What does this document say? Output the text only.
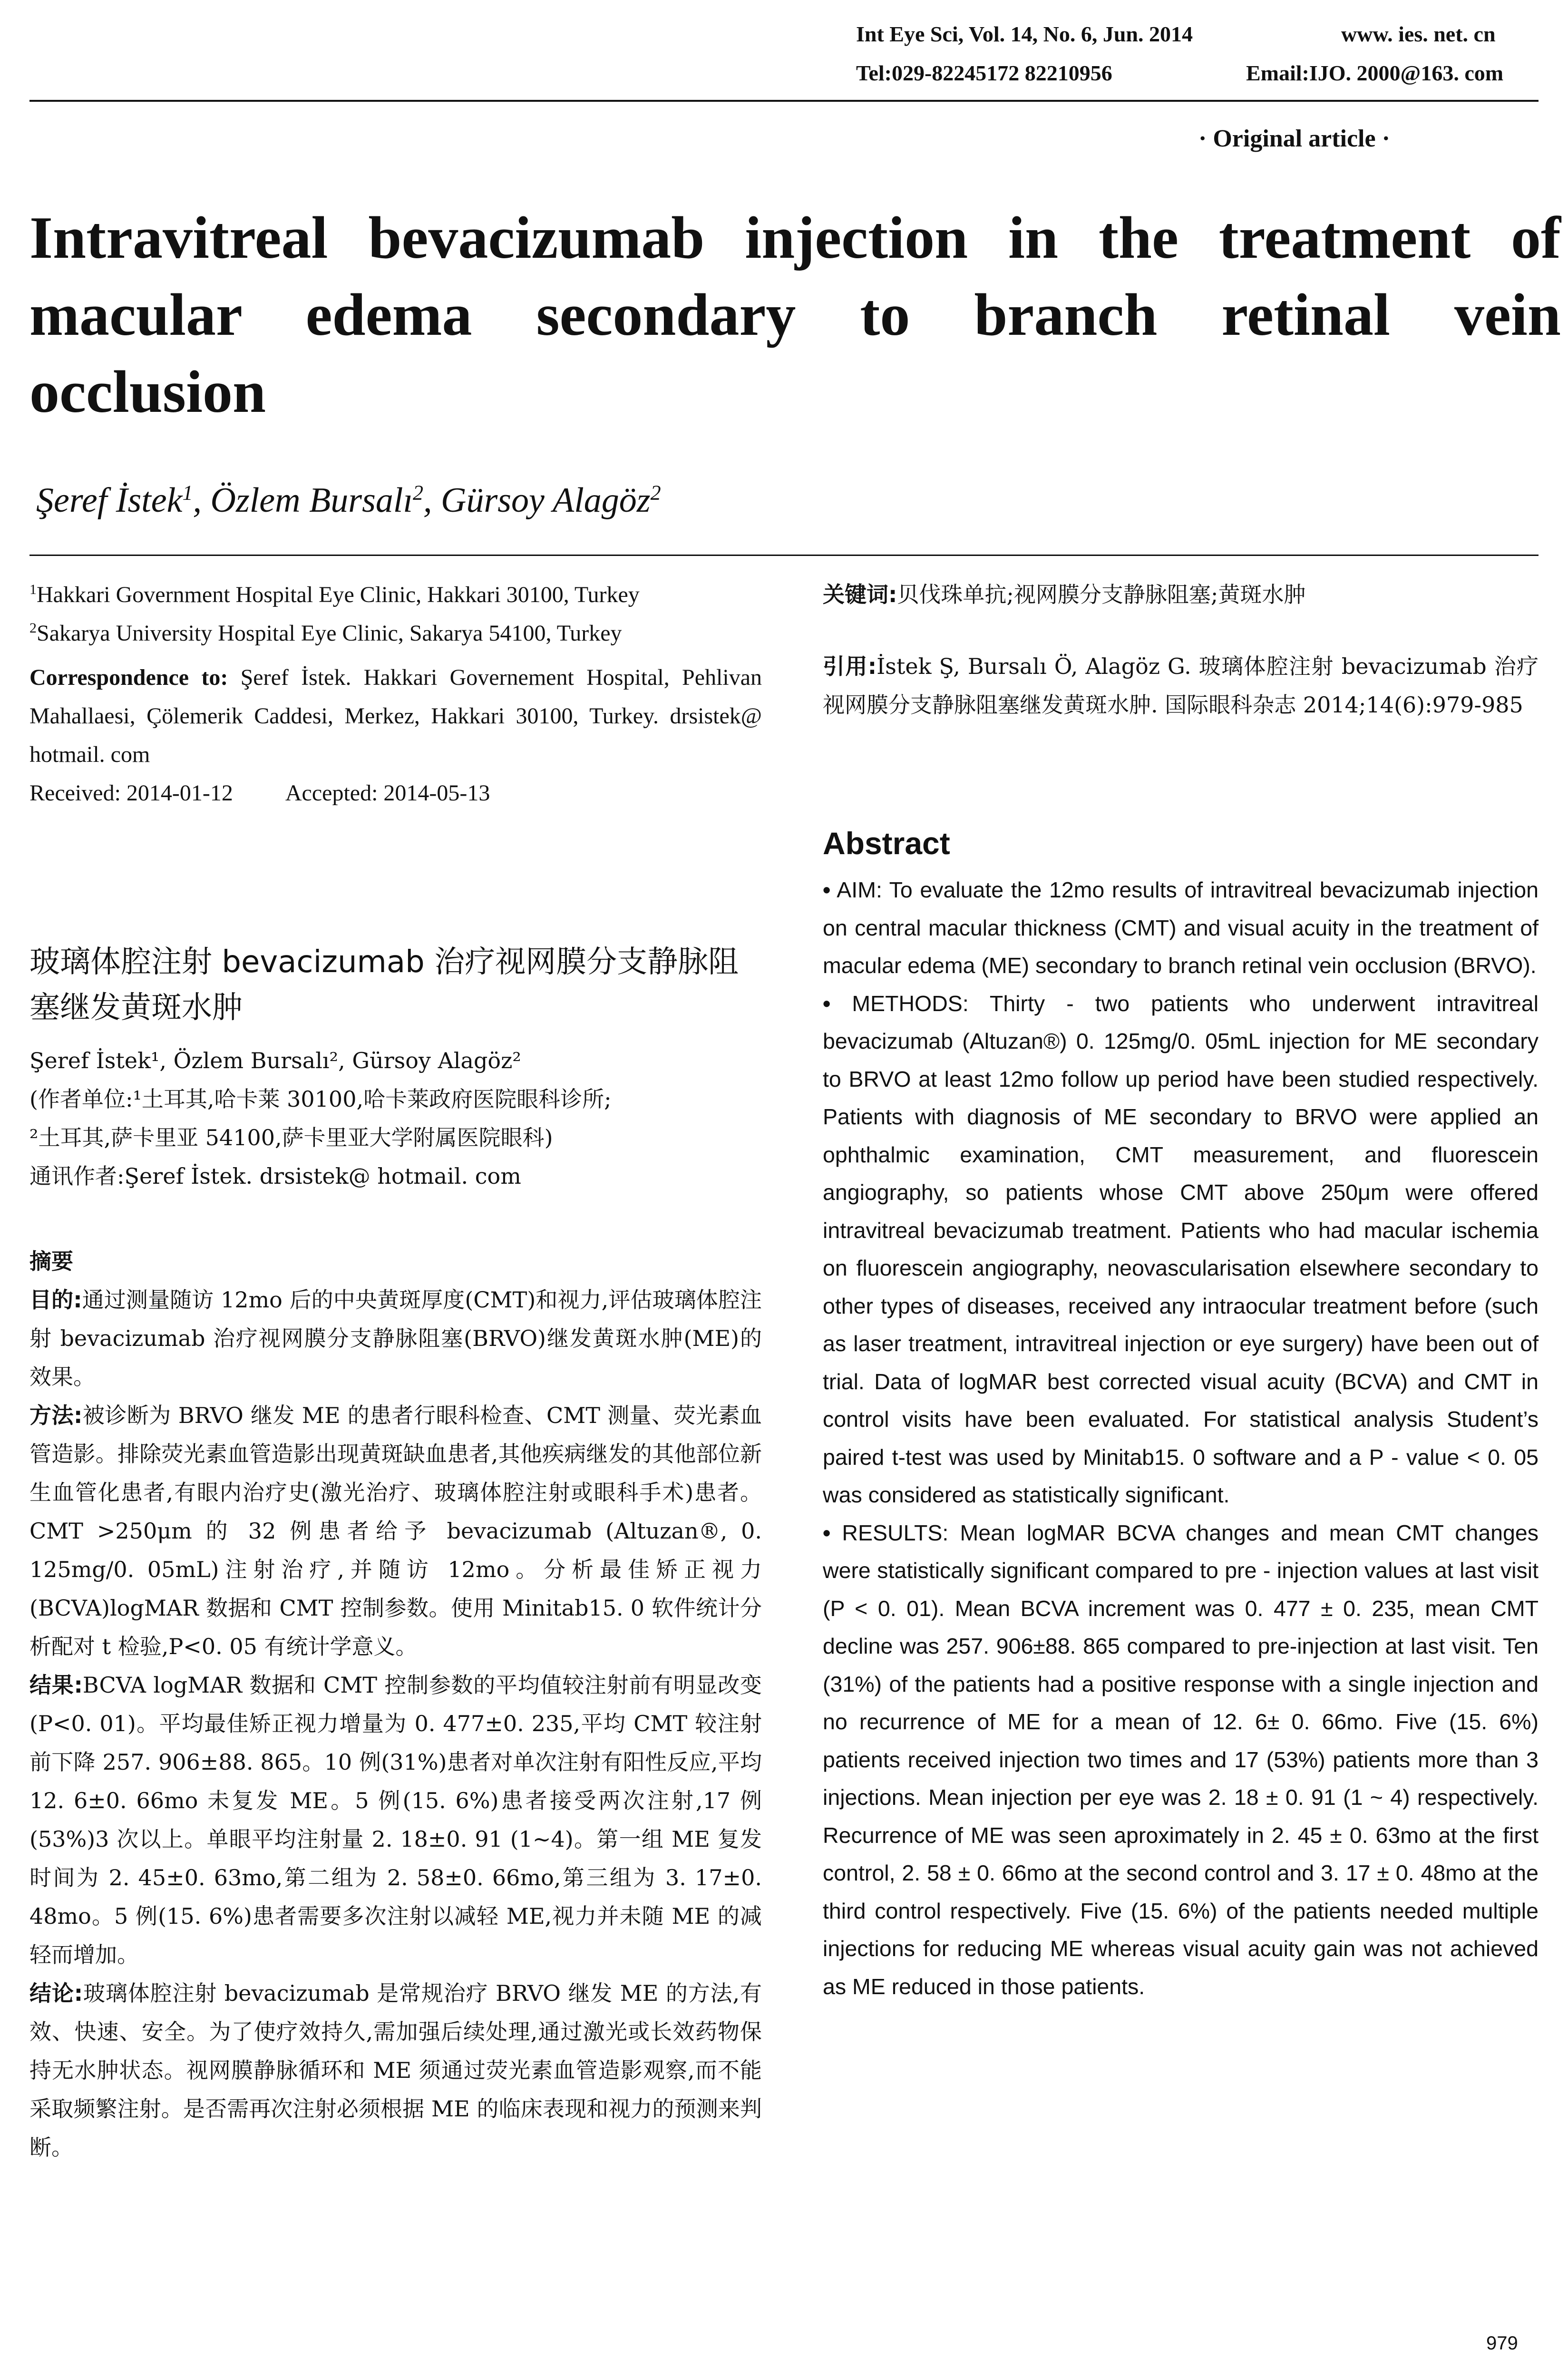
Int Eye Sci, Vol. 14, No. 6, Jun. 2014	www. ies. net. cn
Tel:029-82245172 82210956	Email:IJO. 2000@163. com
· Original article ·
Intravitreal bevacizumab injection in the treatment of
macular edema secondary to branch retinal vein
occlusion
Şeref İstek$^1$, Özlem Bursalı$^2$, Gürsoy Alagöz$^2$

$^1$Hakkari Government Hospital Eye Clinic, Hakkari 30100, Turkey

$^2$Sakarya University Hospital Eye Clinic, Sakarya 54100, Turkey

Correspondence to: Şeref İstek. Hakkari Governement Hospital, Pehlivan Mahallaesi, Çölemerik Caddesi, Merkez, Hakkari 30100, Turkey. drsistek@ hotmail. com

Received: 2014-01-12 Accepted: 2014-05-13

玻璃体腔注射 bevacizumab 治疗视网膜分支静脉阻塞继发黄斑水肿

Şeref İstek¹, Özlem Bursalı², Gürsoy Alagöz²

(作者单位:¹土耳其,哈卡莱 30100,哈卡莱政府医院眼科诊所;

²土耳其,萨卡里亚 54100,萨卡里亚大学附属医院眼科)

通讯作者:Şeref İstek. drsistek@ hotmail. com

摘要

目的:通过测量随访 12mo 后的中央黄斑厚度(CMT)和视力,评估玻璃体腔注射 bevacizumab 治疗视网膜分支静脉阻塞(BRVO)继发黄斑水肿(ME)的效果。

方法:被诊断为 BRVO 继发 ME 的患者行眼科检查、CMT 测量、荧光素血管造影。排除荧光素血管造影出现黄斑缺血患者,其他疾病继发的其他部位新生血管化患者,有眼内治疗史(激光治疗、玻璃体腔注射或眼科手术)患者。CMT >250μm 的 32 例患者给予 bevacizumab (Altuzan®, 0. 125mg/0. 05mL)注射治疗,并随访 12mo。分析最佳矫正视力(BCVA)logMAR 数据和 CMT 控制参数。使用 Minitab15. 0 软件统计分析配对 t 检验,P<0. 05 有统计学意义。

结果:BCVA logMAR 数据和 CMT 控制参数的平均值较注射前有明显改变(P<0. 01)。平均最佳矫正视力增量为 0. 477±0. 235,平均 CMT 较注射前下降 257. 906±88. 865。10 例(31%)患者对单次注射有阳性反应,平均 12. 6±0. 66mo 未复发 ME。5 例(15. 6%)患者接受两次注射,17 例(53%)3 次以上。单眼平均注射量 2. 18±0. 91 (1~4)。第一组 ME 复发时间为 2. 45±0. 63mo,第二组为 2. 58±0. 66mo,第三组为 3. 17±0. 48mo。5 例(15. 6%)患者需要多次注射以减轻 ME,视力并未随 ME 的减轻而增加。

结论:玻璃体腔注射 bevacizumab 是常规治疗 BRVO 继发 ME 的方法,有效、快速、安全。为了使疗效持久,需加强后续处理,通过激光或长效药物保持无水肿状态。视网膜静脉循环和 ME 须通过荧光素血管造影观察,而不能采取频繁注射。是否需再次注射必须根据 ME 的临床表现和视力的预测来判断。

关键词:贝伐珠单抗;视网膜分支静脉阻塞;黄斑水肿

引用:İstek Ş, Bursalı Ö, Alagöz G. 玻璃体腔注射 bevacizumab 治疗视网膜分支静脉阻塞继发黄斑水肿. 国际眼科杂志 2014;14(6):979-985

Abstract

• AIM: To evaluate the 12mo results of intravitreal bevacizumab injection on central macular thickness (CMT) and visual acuity in the treatment of macular edema (ME) secondary to branch retinal vein occlusion (BRVO).

• METHODS: Thirty - two patients who underwent intravitreal bevacizumab (Altuzan®) 0. 125mg/0. 05mL injection for ME secondary to BRVO at least 12mo follow up period have been studied respectively. Patients with diagnosis of ME secondary to BRVO were applied an ophthalmic examination, CMT measurement, and fluorescein angiography, so patients whose CMT above 250μm were offered intravitreal bevacizumab treatment. Patients who had macular ischemia on fluorescein angiography, neovascularisation elsewhere secondary to other types of diseases, received any intraocular treatment before (such as laser treatment, intravitreal injection or eye surgery) have been out of trial. Data of logMAR best corrected visual acuity (BCVA) and CMT in control visits have been evaluated. For statistical analysis Student’s paired t-test was used by Minitab15. 0 software and a P - value < 0. 05 was considered as statistically significant.

• RESULTS: Mean logMAR BCVA changes and mean CMT changes were statistically significant compared to pre - injection values at last visit (P < 0. 01). Mean BCVA increment was 0. 477 ± 0. 235, mean CMT decline was 257. 906±88. 865 compared to pre-injection at last visit. Ten (31%) of the patients had a positive response with a single injection and no recurrence of ME for a mean of 12. 6± 0. 66mo. Five (15. 6%) patients received injection two times and 17 (53%) patients more than 3 injections. Mean injection per eye was 2. 18 ± 0. 91 (1 ~ 4) respectively. Recurrence of ME was seen aproximately in 2. 45 ± 0. 63mo at the first control, 2. 58 ± 0. 66mo at the second control and 3. 17 ± 0. 48mo at the third control respectively. Five (15. 6%) of the patients needed multiple injections for reducing ME whereas visual acuity gain was not achieved as ME reduced in those patients.

979
